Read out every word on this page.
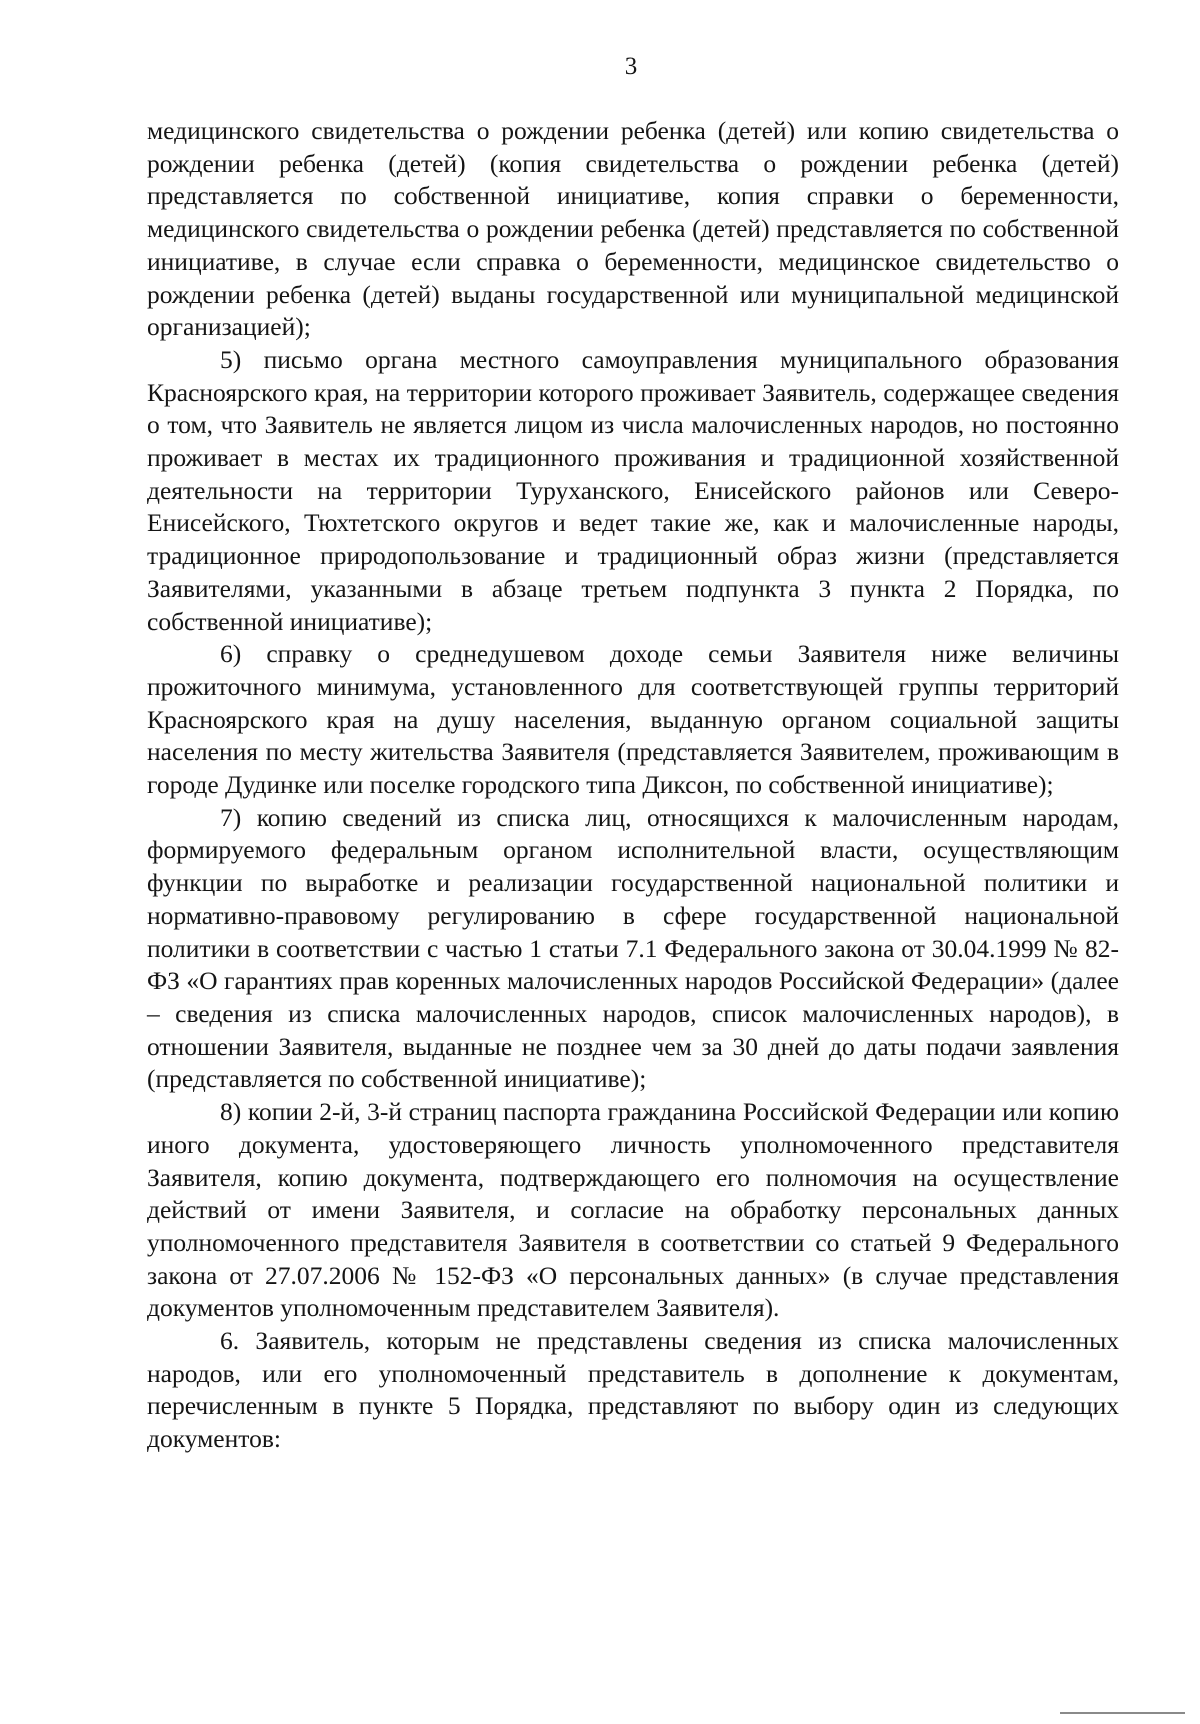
3

медицинского свидетельства о рождении ребенка (детей) или копию свидетельства о рождении ребенка (детей) (копия свидетельства о рождении ребенка (детей) представляется по собственной инициативе, копия справки о беременности, медицинского свидетельства о рождении ребенка (детей) представляется по собственной инициативе, в случае если справка о беременности, медицинское свидетельство о рождении ребенка (детей) выданы государственной или муниципальной медицинской организацией);

5) письмо органа местного самоуправления муниципального образования Красноярского края, на территории которого проживает Заявитель, содержащее сведения о том, что Заявитель не является лицом из числа малочисленных народов, но постоянно проживает в местах их традиционного проживания и традиционной хозяйственной деятельности на территории Туруханского, Енисейского районов или Северо-Енисейского, Тюхтетского округов и ведет такие же, как и малочисленные народы, традиционное природопользование и традиционный образ жизни (представляется Заявителями, указанными в абзаце третьем подпункта 3 пункта 2 Порядка, по собственной инициативе);

6) справку о среднедушевом доходе семьи Заявителя ниже величины прожиточного минимума, установленного для соответствующей группы территорий Красноярского края на душу населения, выданную органом социальной защиты населения по месту жительства Заявителя (представляется Заявителем, проживающим в городе Дудинке или поселке городского типа Диксон, по собственной инициативе);

7) копию сведений из списка лиц, относящихся к малочисленным народам, формируемого федеральным органом исполнительной власти, осуществляющим функции по выработке и реализации государственной национальной политики и нормативно-правовому регулированию в сфере государственной национальной политики в соответствии с частью 1 статьи 7.1 Федерального закона от 30.04.1999 № 82-ФЗ «О гарантиях прав коренных малочисленных народов Российской Федерации» (далее – сведения из списка малочисленных народов, список малочисленных народов), в отношении Заявителя, выданные не позднее чем за 30 дней до даты подачи заявления (представляется по собственной инициативе);

8) копии 2-й, 3-й страниц паспорта гражданина Российской Федерации или копию иного документа, удостоверяющего личность уполномоченного представителя Заявителя, копию документа, подтверждающего его полномочия на осуществление действий от имени Заявителя, и согласие на обработку персональных данных уполномоченного представителя Заявителя в соответствии со статьей 9 Федерального закона от 27.07.2006 № 152-ФЗ «О персональных данных» (в случае представления документов уполномоченным представителем Заявителя).

6. Заявитель, которым не представлены сведения из списка малочисленных народов, или его уполномоченный представитель в дополнение к документам, перечисленным в пункте 5 Порядка, представляют по выбору один из следующих документов:
